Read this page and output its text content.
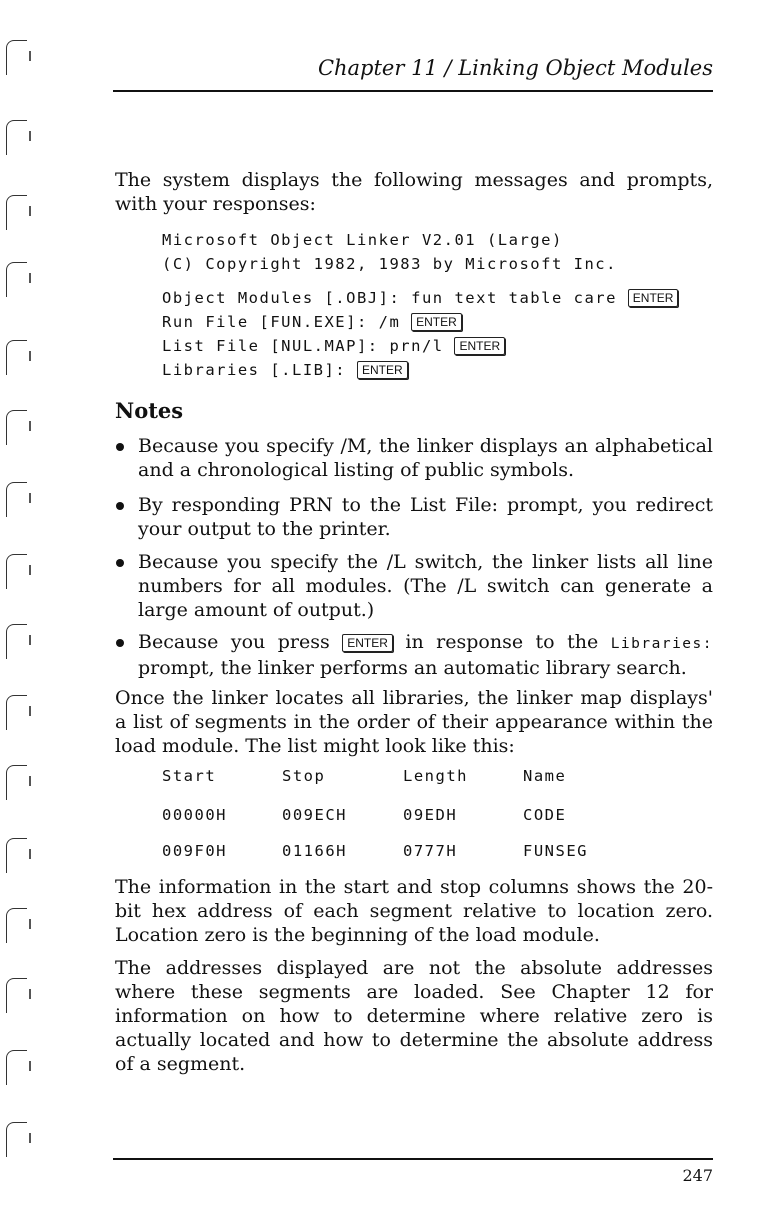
Chapter 11 / Linking Object Modules
The system displays the following messages and prompts, with your responses:
Microsoft Object Linker V2.01 (Large)
(C) Copyright 1982, 1983 by Microsoft Inc.
Object Modules [.OBJ]: fun text table care ENTER
Run File [FUN.EXE]: /m ENTER
List File [NUL.MAP]: prn/l ENTER
Libraries [.LIB]: ENTER
Notes
Because you specify /M, the linker displays an alphabetical and a chronological listing of public symbols.
By responding PRN to the List File: prompt, you redirect your output to the printer.
Because you specify the /L switch, the linker lists all line numbers for all modules. (The /L switch can generate a large amount of output.)
Because you press ENTER in response to the Libraries: prompt, the linker performs an automatic library search.
Once the linker locates all libraries, the linker map displays' a list of segments in the order of their appearance within the load module. The list might look like this:
Start	Stop	Length	Name
00000H	009ECH	09EDH	CODE
009F0H	01166H	0777H	FUNSEG
The information in the start and stop columns shows the 20-bit hex address of each segment relative to location zero. Location zero is the beginning of the load module.
The addresses displayed are not the absolute addresses where these segments are loaded. See Chapter 12 for information on how to determine where relative zero is actually located and how to determine the absolute address of a segment.
247
